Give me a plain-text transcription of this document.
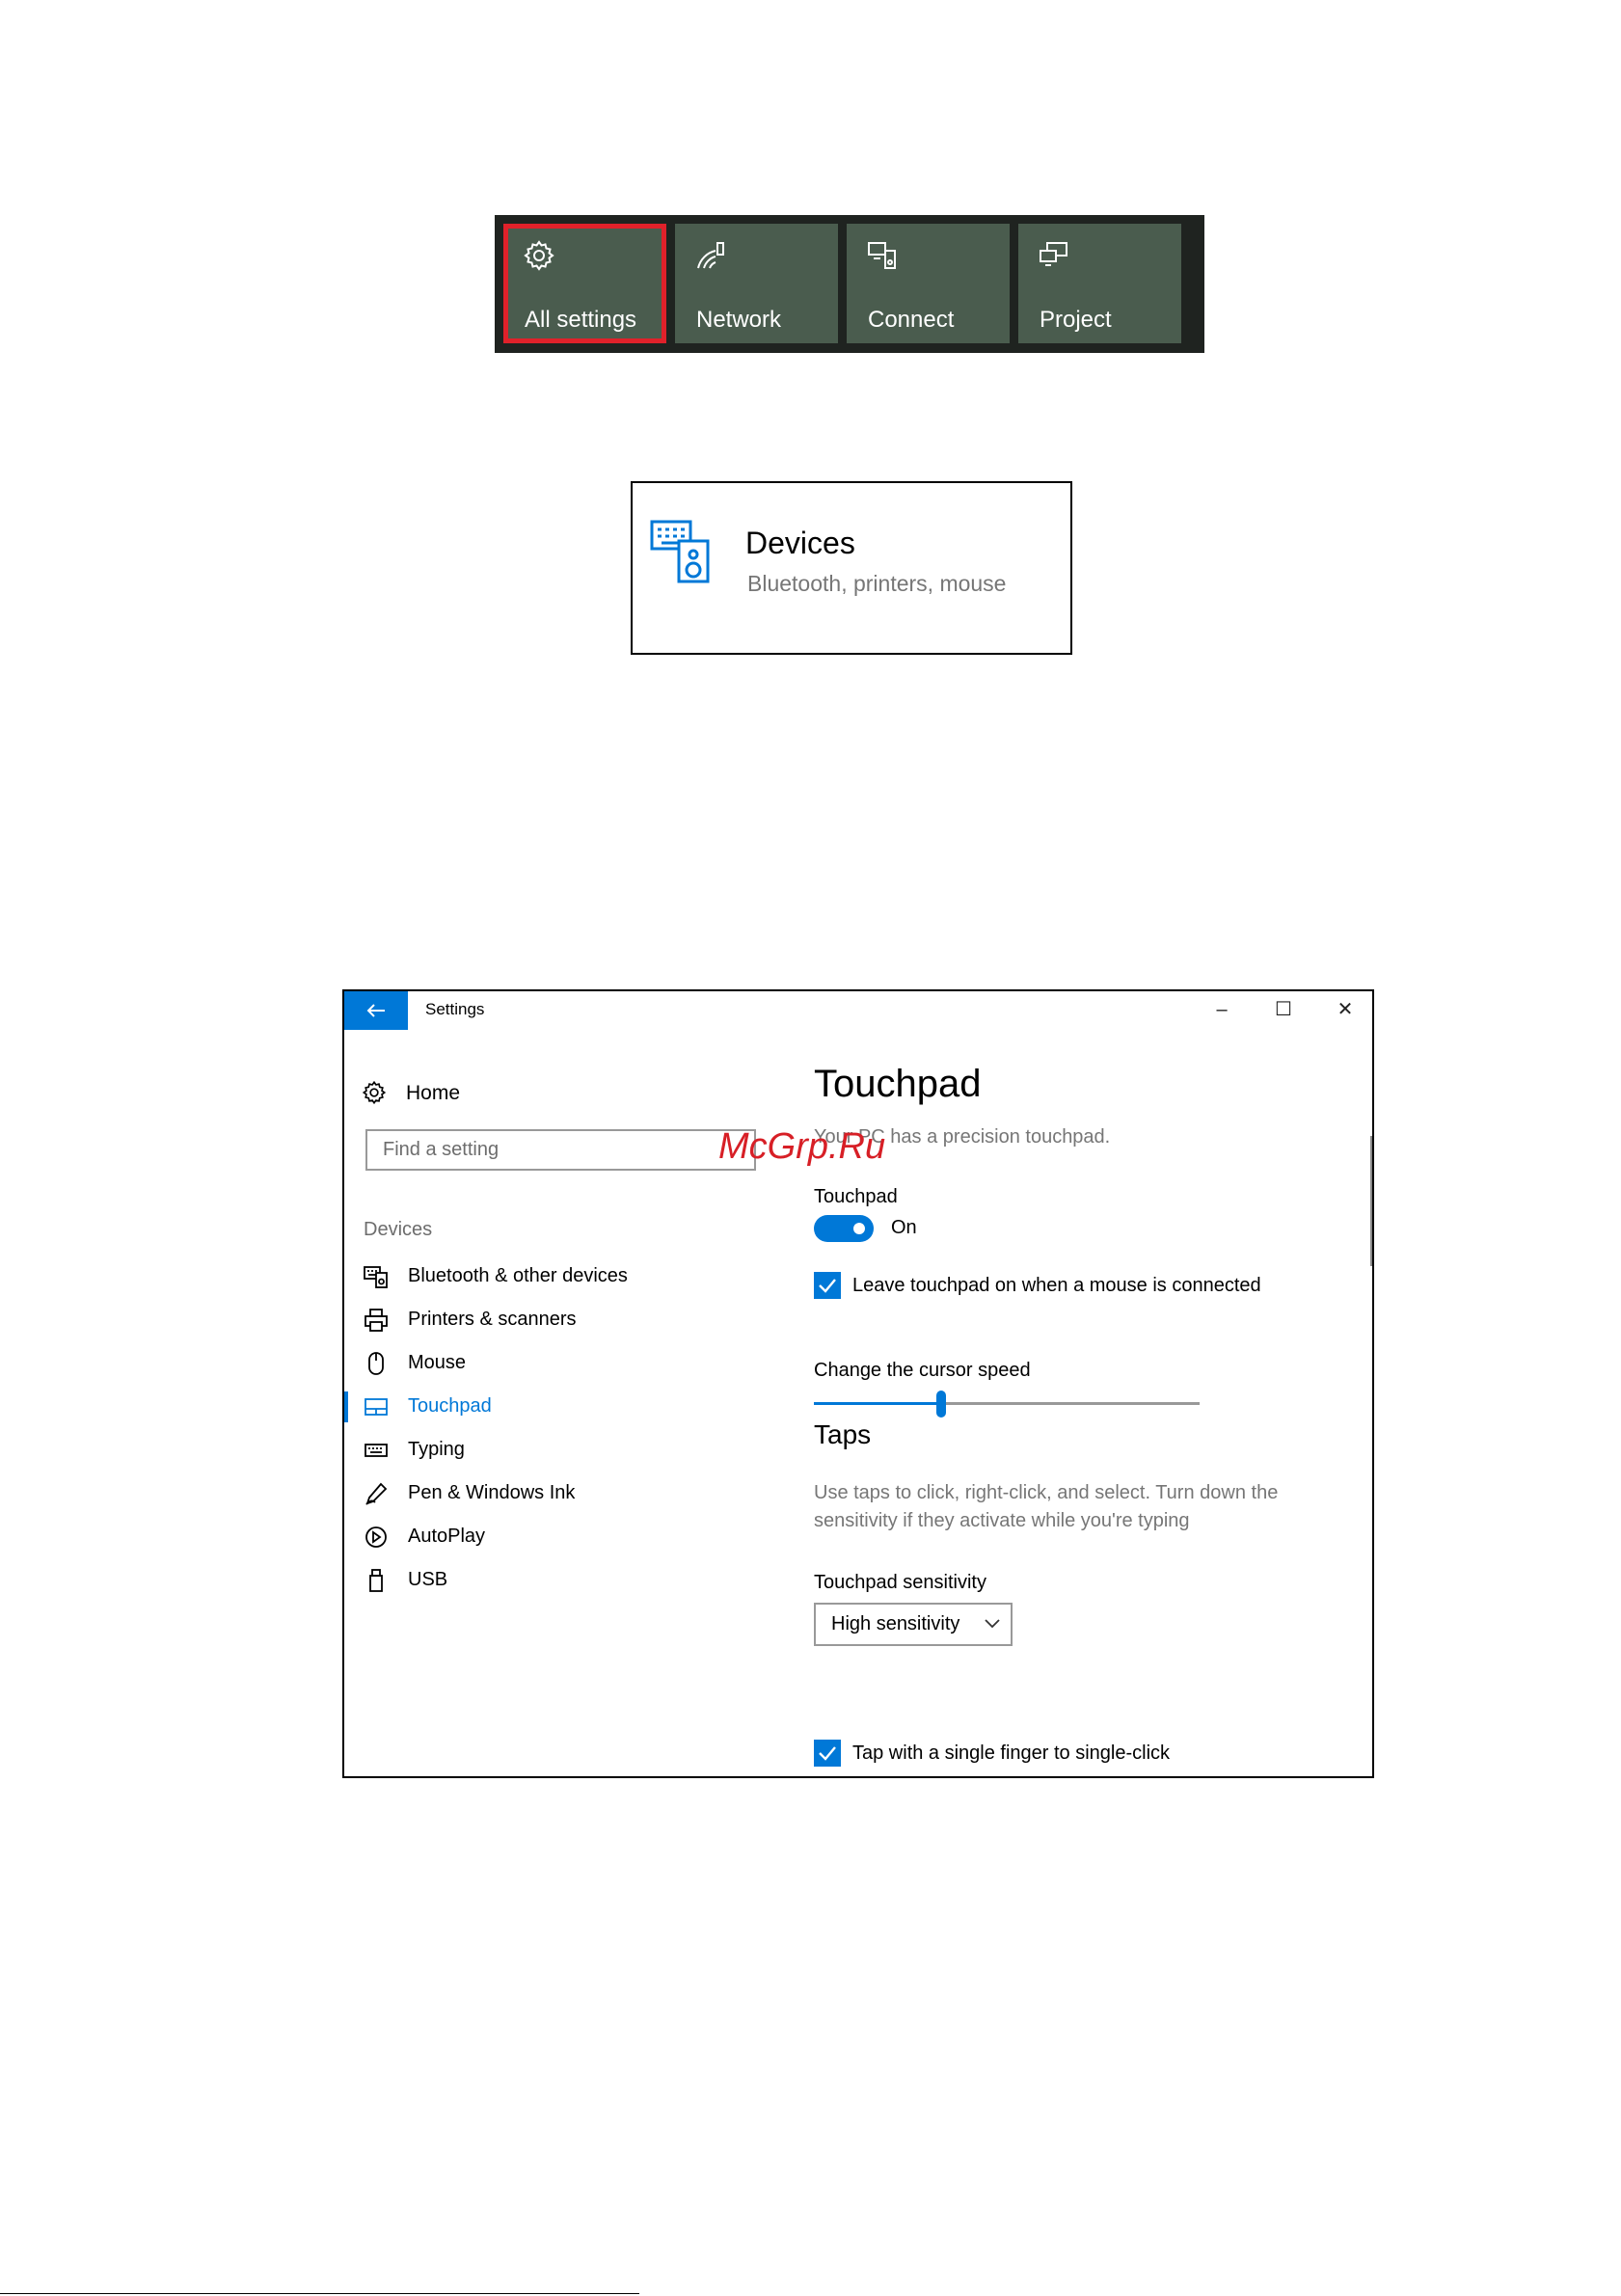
All settings	Network	Connect	Project
Devices
Bluetooth, printers, mouse
Settings	–	☐	✕
Home
Find a setting
Devices
Bluetooth & other devices
Printers & scanners
Mouse
Touchpad
Typing
Pen & Windows Ink
AutoPlay
USB
Touchpad
Your PC has a precision touchpad.
Touchpad
On
Leave touchpad on when a mouse is connected
Change the cursor speed
Taps
Use taps to click, right-click, and select. Turn down the sensitivity if they activate while you're typing
Touchpad sensitivity
High sensitivity
Tap with a single finger to single-click
McGrp.Ru
